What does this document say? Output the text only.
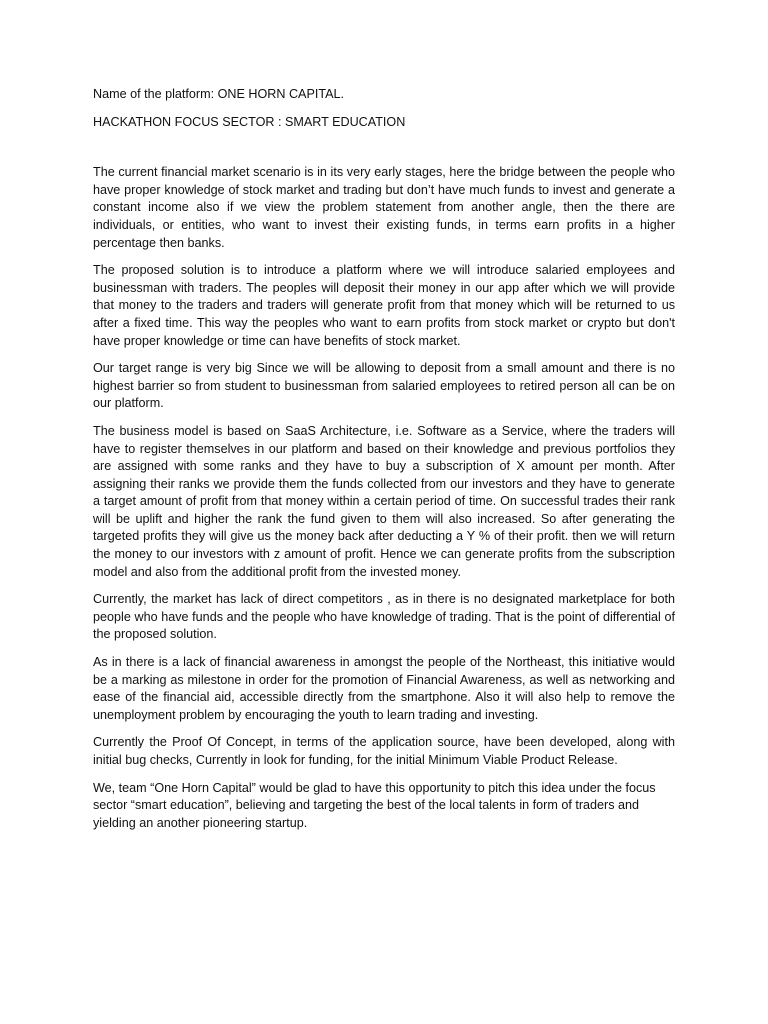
Name of the platform: ONE HORN CAPITAL.
HACKATHON FOCUS SECTOR : SMART EDUCATION

The current financial market scenario is in its very early stages, here the bridge between the people who have proper knowledge of stock market and trading but don’t have much funds to invest and generate a constant income also if we view the problem statement from another angle, then the there are individuals, or entities, who want to invest their existing funds, in terms earn profits in a higher percentage then banks.

The proposed solution is to introduce a platform where we will introduce salaried employees and businessman with traders. The peoples will deposit their money in our app after which we will provide that money to the traders and traders will generate profit from that money which will be returned to us after a fixed time. This way the peoples who want to earn profits from stock market or crypto but don't have proper knowledge or time can have benefits of stock market.

Our target range is very big Since we will be allowing to deposit from a small amount and there is no highest barrier so from student to businessman from salaried employees to retired person all can be on our platform.

The business model is based on SaaS Architecture, i.e. Software as a Service, where the traders will have to register themselves in our platform and based on their knowledge and previous portfolios they are assigned with some ranks and they have to buy a subscription of X amount per month. After assigning their ranks we provide them the funds collected from our investors and they have to generate a target amount of profit from that money within a certain period of time. On successful trades their rank will be uplift and higher the rank the fund given to them will also increased. So after generating the targeted profits they will give us the money back after deducting a Y % of their profit. then we will return the money to our investors with z amount of profit. Hence we can generate profits from the subscription model and also from the additional profit from the invested money.

Currently, the market has lack of direct competitors , as in there is no designated marketplace for both people who have funds and the people who have knowledge of trading. That is the point of differential of the proposed solution.

As in there is a lack of financial awareness in amongst the people of the Northeast, this initiative would be a marking as milestone in order for the promotion of Financial Awareness, as well as networking and ease of the financial aid, accessible directly from the smartphone. Also it will also help to remove the unemployment problem by encouraging the youth to learn trading and investing.

Currently the Proof Of Concept, in terms of the application source, have been developed, along with initial bug checks, Currently in look for funding, for the initial Minimum Viable Product Release.

We, team “One Horn Capital” would be glad to have this opportunity to pitch this idea under the focus sector “smart education”, believing and targeting the best of the local talents in form of traders and yielding an another pioneering startup.
